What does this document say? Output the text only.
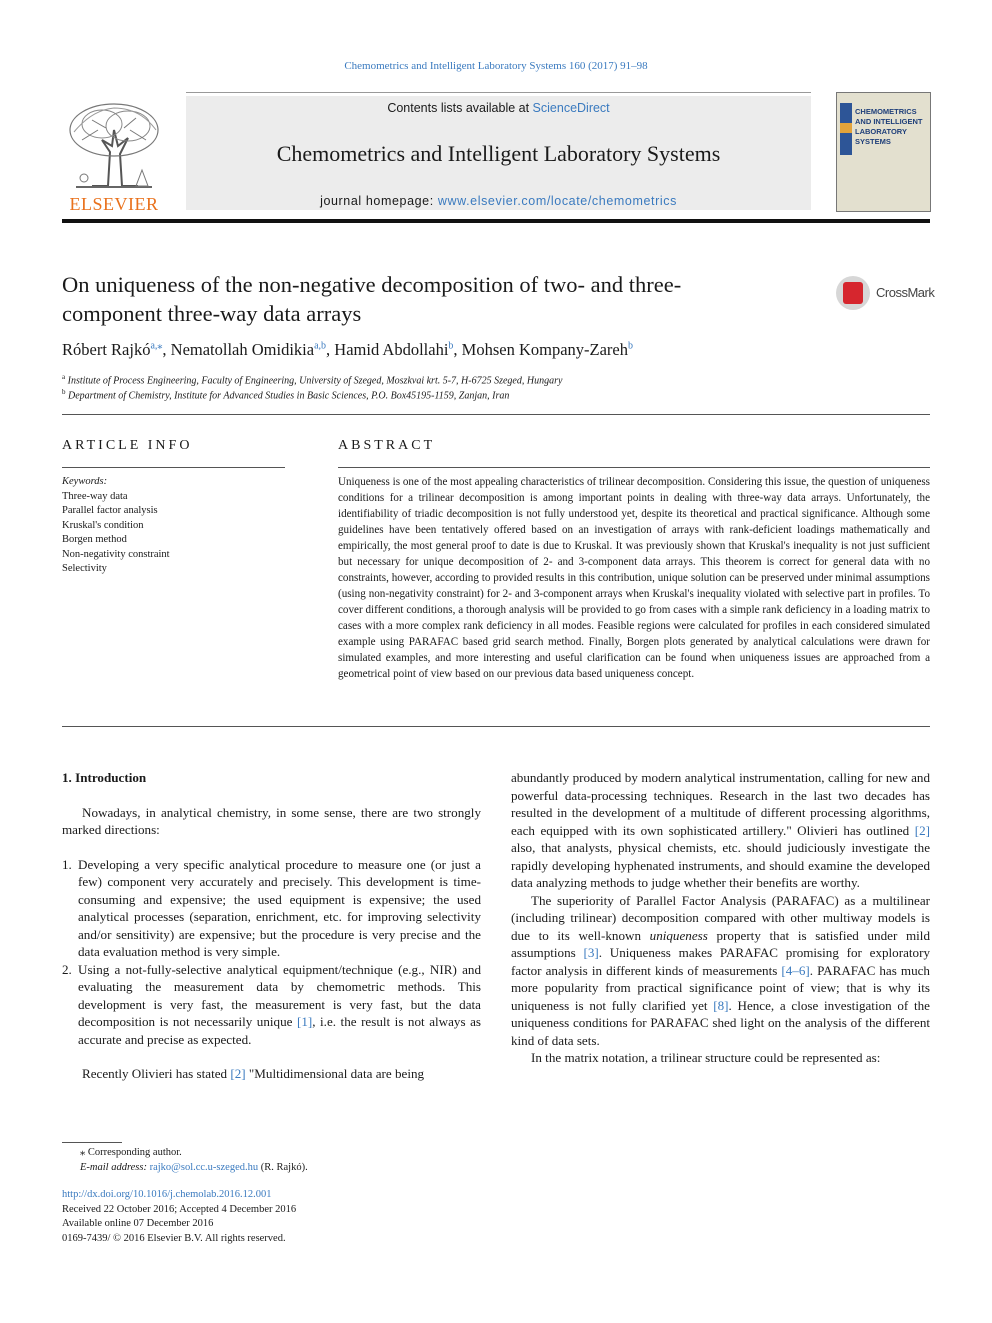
Chemometrics and Intelligent Laboratory Systems 160 (2017) 91–98
ELSEVIER
Contents lists available at ScienceDirect
Chemometrics and Intelligent Laboratory Systems
journal homepage: www.elsevier.com/locate/chemometrics
CHEMOMETRICS
AND INTELLIGENT
LABORATORY
SYSTEMS
On uniqueness of the non-negative decomposition of two- and three-
component three-way data arrays
CrossMark
Róbert Rajkó$^{a,⁎}$, Nematollah Omidikia$^{a,b}$, Hamid Abdollahi$^b$, Mohsen Kompany-Zareh$^b$
$^a$ Institute of Process Engineering, Faculty of Engineering, University of Szeged, Moszkvai krt. 5-7, H-6725 Szeged, Hungary
$^b$ Department of Chemistry, Institute for Advanced Studies in Basic Sciences, P.O. Box45195-1159, Zanjan, Iran
ARTICLE INFO
Keywords:
Three-way data
Parallel factor analysis
Kruskal's condition
Borgen method
Non-negativity constraint
Selectivity
ABSTRACT
Uniqueness is one of the most appealing characteristics of trilinear decomposition. Considering this issue, the question of uniqueness conditions for a trilinear decomposition is among important points in dealing with three-way data arrays. Unfortunately, the identifiability of triadic decomposition is not fully understood yet, despite its theoretical and practical significance. Although some guidelines have been tentatively offered based on an investigation of arrays with rank-deficient loadings mathematically and empirically, the most general proof to date is due to Kruskal. It was previously shown that Kruskal's inequality is not just sufficient but necessary for unique decomposition of 2- and 3-component data arrays. This theorem is correct for general data with no constraints, however, according to provided results in this contribution, unique solution can be preserved under minimal assumptions (using non-negativity constraint) for 2- and 3-component arrays when Kruskal's inequality violated with selective part in profiles. To cover different conditions, a thorough analysis will be provided to go from cases with a simple rank deficiency in a loading matrix to cases with a more complex rank deficiency in all modes. Feasible regions were calculated for profiles in each considered simulated example using PARAFAC based grid search method. Finally, Borgen plots generated by analytical calculations were drawn for simulated examples, and more interesting and useful clarification can be found when uniqueness issues are approached from a geometrical point of view based on our previous data based uniqueness concept.

1. Introduction

Nowadays, in analytical chemistry, in some sense, there are two strongly marked directions:

1. Developing a very specific analytical procedure to measure one (or just a few) component very accurately and precisely. This development is time-consuming and expensive; the used equipment is expensive; the used analytical processes (separation, enrichment, etc. for improving selectivity and/or sensitivity) are expensive; but the procedure is very precise and the data evaluation method is very simple.
2. Using a not-fully-selective analytical equipment/technique (e.g., NIR) and evaluating the measurement data by chemometric methods. This development is very fast, the measurement is very fast, but the data decomposition is not necessarily unique [1], i.e. the result is not always as accurate and precise as expected.

Recently Olivieri has stated [2] "Multidimensional data are being

abundantly produced by modern analytical instrumentation, calling for new and powerful data-processing techniques. Research in the last two decades has resulted in the development of a multitude of different processing algorithms, each equipped with its own sophisticated artillery." Olivieri has outlined [2] also, that analysts, physical chemists, etc. should judiciously investigate the rapidly developing hyphenated instruments, and should examine the developed data analyzing methods to judge whether their benefits are worthy.

The superiority of Parallel Factor Analysis (PARAFAC) as a multilinear (including trilinear) decomposition compared with other multiway models is due to its well-known uniqueness property that is satisfied under mild assumptions [3]. Uniqueness makes PARAFAC promising for exploratory factor analysis in different kinds of measurements [4–6]. PARAFAC has much more popularity from practical significance point of view; that is why its uniqueness is not fully clarified yet [8]. Hence, a close investigation of the uniqueness conditions for PARAFAC shed light on the analysis of the different kind of data sets.

In the matrix notation, a trilinear structure could be represented as:

⁎ Corresponding author.
E-mail address: rajko@sol.cc.u-szeged.hu (R. Rajkó).
http://dx.doi.org/10.1016/j.chemolab.2016.12.001
Received 22 October 2016; Accepted 4 December 2016
Available online 07 December 2016
0169-7439/ © 2016 Elsevier B.V. All rights reserved.
